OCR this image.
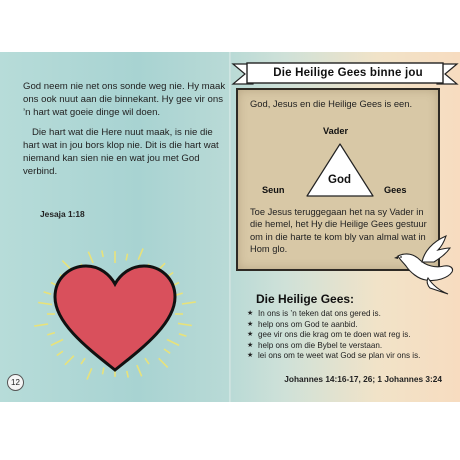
God neem nie net ons sonde weg nie. Hy maak ons ook nuut aan die binnekant. Hy gee vir ons ’n hart wat goeie dinge wil doen.

Die hart wat die Here nuut maak, is nie die hart wat in jou bors klop nie. Dit is die hart wat niemand kan sien nie en wat jou met God verbind.

Jesaja 1:18
12
Die Heilige Gees binne jou
God, Jesus en die Heilige Gees is een.
Vader
Seun	Gees
God
Toe Jesus teruggegaan het na sy Vader in die hemel, het Hy die Heilige Gees gestuur om in die harte te kom bly van almal wat in Hom glo.
Die Heilige Gees:
★ In ons is ’n teken dat ons gered is.
★ help ons om God te aanbid.
★ gee vir ons die krag om te doen wat reg is.
★ help ons om die Bybel te verstaan.
★ lei ons om te weet wat God se plan vir ons is.
Johannes 14:16-17, 26; 1 Johannes 3:24
